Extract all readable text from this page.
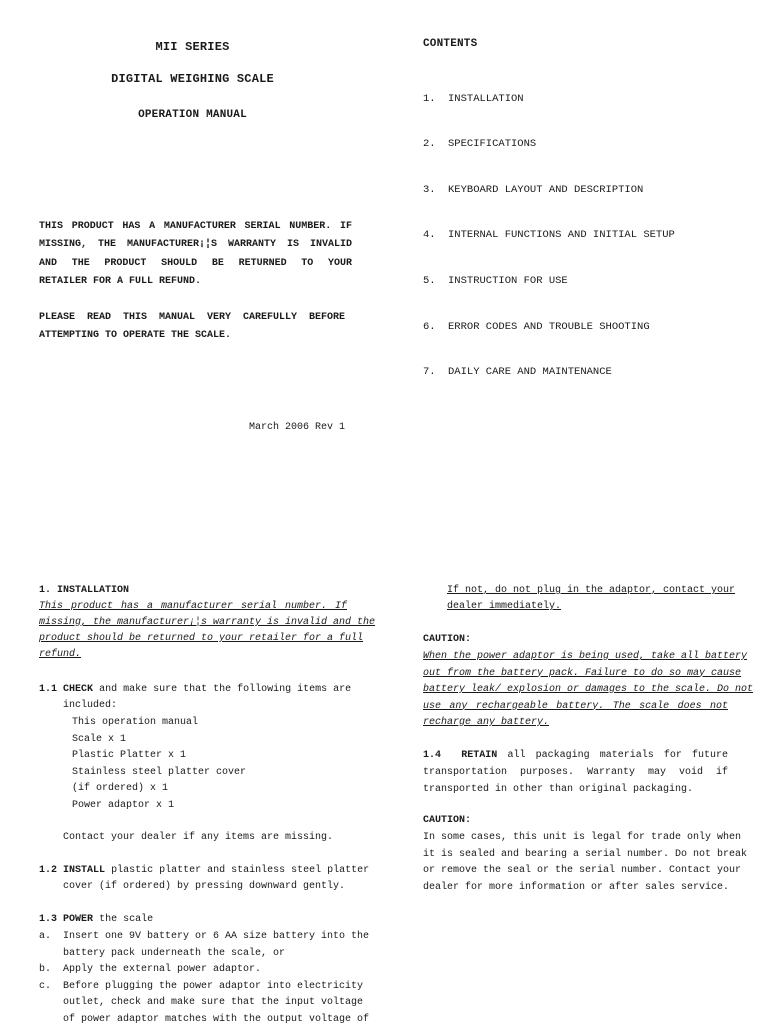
MII SERIES
DIGITAL WEIGHING SCALE
OPERATION MANUAL
THIS PRODUCT HAS A MANUFACTURER SERIAL NUMBER. IF
MISSING, THE MANUFACTURER¡¦S WARRANTY IS INVALID
AND THE PRODUCT SHOULD BE RETURNED TO YOUR
RETAILER FOR A FULL REFUND.
PLEASE READ THIS MANUAL VERY CAREFULLY BEFORE
ATTEMPTING TO OPERATE THE SCALE.
March 2006 Rev 1
CONTENTS
1. INSTALLATION
2. SPECIFICATIONS
3. KEYBOARD LAYOUT AND DESCRIPTION
4. INTERNAL FUNCTIONS AND INITIAL SETUP
5. INSTRUCTION FOR USE
6. ERROR CODES AND TROUBLE SHOOTING
7. DAILY CARE AND MAINTENANCE
1. INSTALLATION
This product has a manufacturer serial number. If
missing, the manufacturer¡¦s warranty is invalid and the
product should be returned to your retailer for a full
refund.
1.1 CHECK and make sure that the following items are
included:
This operation manual
Scale x 1
Plastic Platter x 1
Stainless steel platter cover
(if ordered) x 1
Power adaptor x 1
Contact your dealer if any items are missing.
1.2 INSTALL plastic platter and stainless steel platter
cover (if ordered) by pressing downward gently.
1.3 POWER the scale
a. Insert one 9V battery or 6 AA size battery into the
battery pack underneath the scale, or
b. Apply the external power adaptor.
c. Before plugging the power adaptor into electricity
outlet, check and make sure that the input voltage
of power adaptor matches with the output voltage of
If not, do not plug in the adaptor, contact your
dealer immediately.
CAUTION:
When the power adaptor is being used, take all battery
out from the battery pack. Failure to do so may cause
battery leak/ explosion or damages to the scale. Do not
use any rechargeable battery. The scale does not
recharge any battery.
1.4 RETAIN all packaging materials for future
transportation purposes. Warranty may void if
transported in other than original packaging.
CAUTION:
In some cases, this unit is legal for trade only when
it is sealed and bearing a serial number. Do not break
or remove the seal or the serial number. Contact your
dealer for more information or after sales service.
